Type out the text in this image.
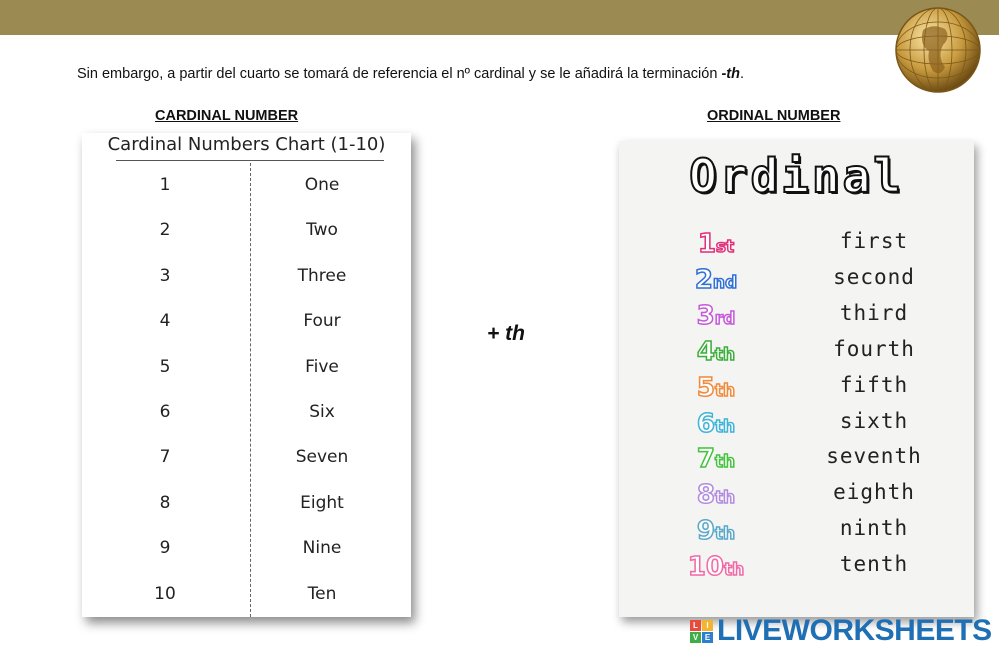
Sin embargo, a partir del cuarto se tomará de referencia el nº cardinal y se le añadirá la terminación -th.
CARDINAL NUMBER	ORDINAL NUMBER
Cardinal Numbers Chart (1-10)
1	One
2	Two
3	Three
4	Four
5	Five
6	Six
7	Seven
8	Eight
9	Nine
10	Ten
+ th
Ordinal
1st	first
2nd	second
3rd	third
4th	fourth
5th	fifth
6th	sixth
7th	seventh
8th	eighth
9th	ninth
10th	tenth
L	I
V E LIVEWORKSHEETS
